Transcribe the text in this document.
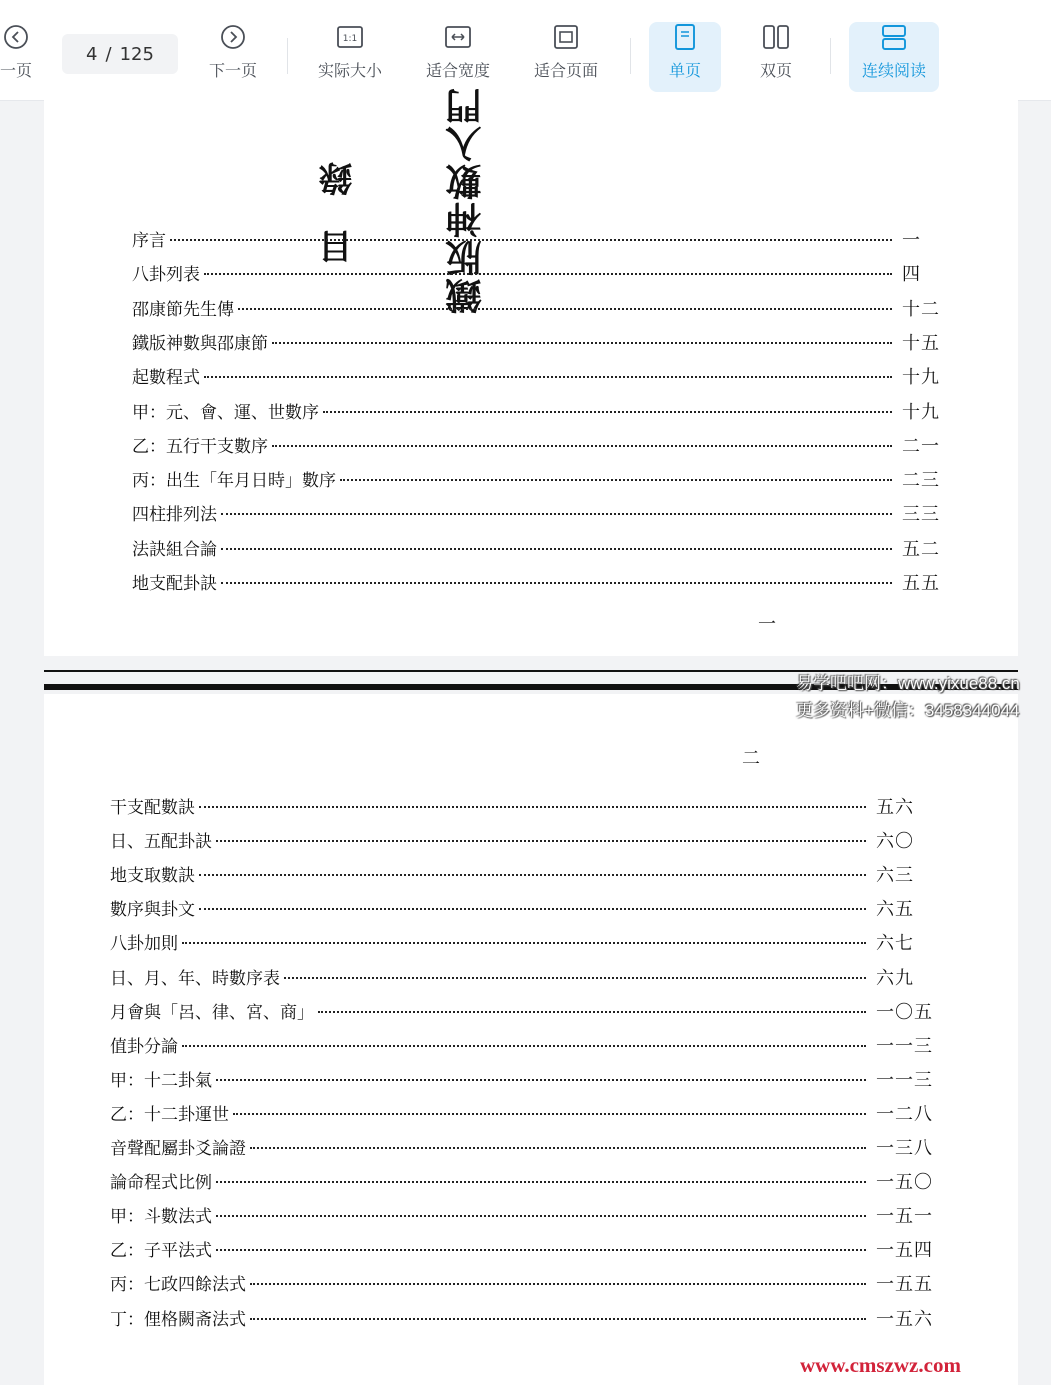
一页
4 / 125
下一页
1:1
实际大小	适合宽度	适合页面	单页	双页	连续阅读
鐵版神數入門
目　錄
序言	一
八卦列表	四
邵康節先生傳	十二
鐵版神數與邵康節	十五
起數程式	十九
甲：元、會、運、世數序	十九
乙：五行干支數序	二一
丙：出生「年月日時」數序	二三
四柱排列法	三三
法訣組合論	五二
地支配卦訣	五五
一
二
干支配數訣	五六
日、五配卦訣	六〇
地支取數訣	六三
數序與卦文	六五
八卦加則	六七
日、月、年、時數序表	六九
月會與「呂、律、宮、商」	一〇五
值卦分論	一一三
甲：十二卦氣	一一三
乙：十二卦運世	一二八
音聲配屬卦爻論證	一三八
論命程式比例	一五〇
甲：斗數法式	一五一
乙：子平法式	一五四
丙：七政四餘法式	一五五
丁：俚格闕斋法式	一五六
易学吧吧网：www.yixue88.cn
更多资料+微信：3458344044
www.cmszwz.com
